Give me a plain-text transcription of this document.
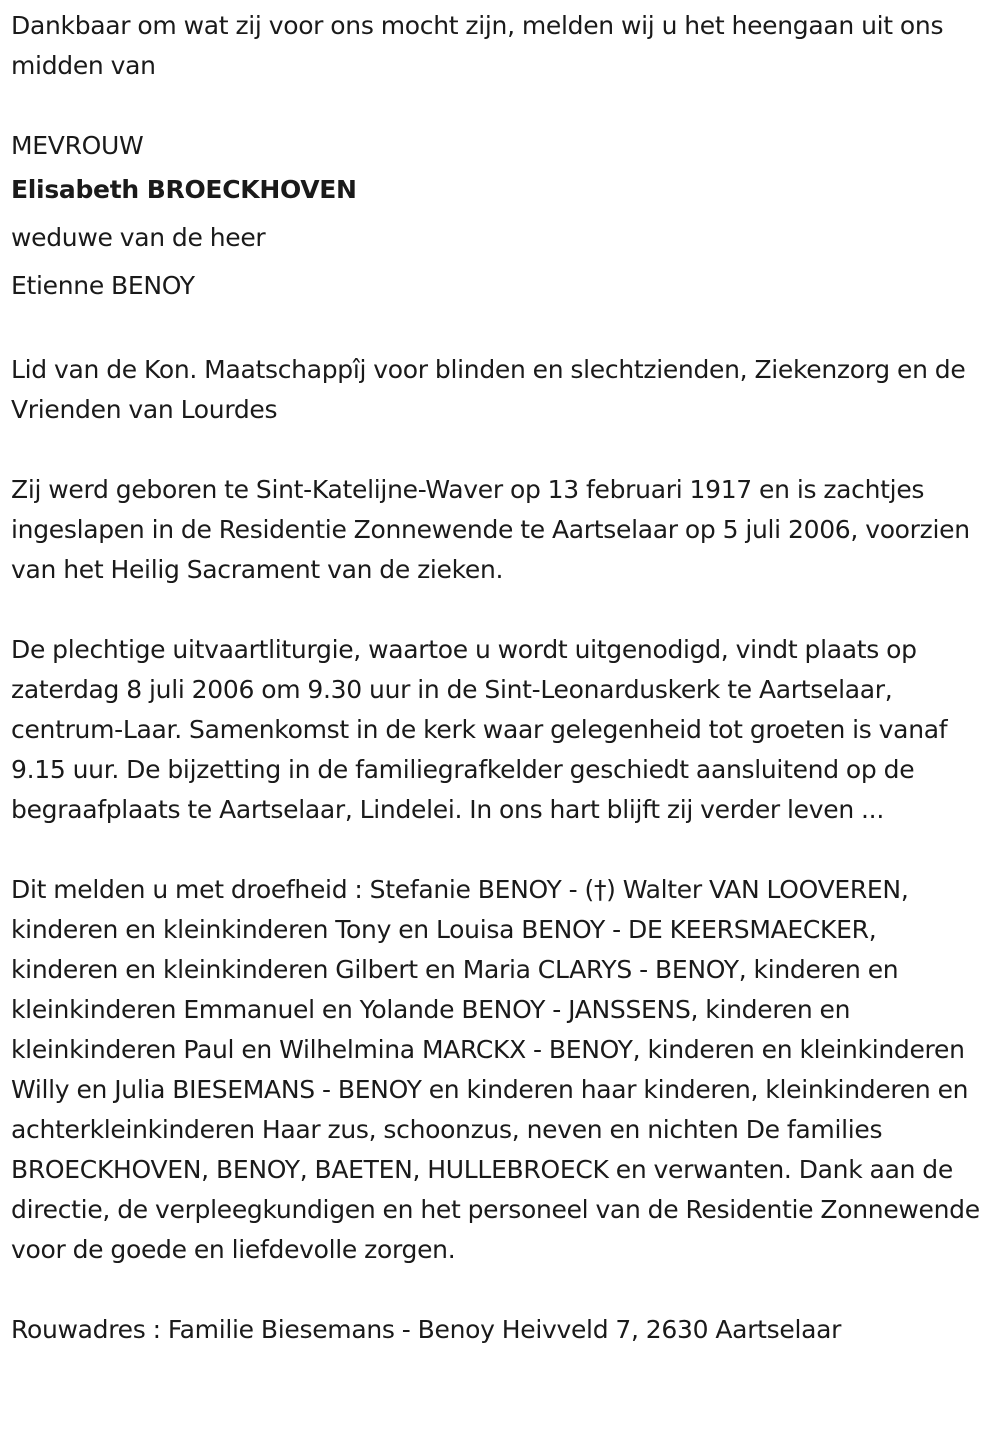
Dankbaar om wat zij voor ons mocht zijn, melden wij u het heengaan uit ons midden van

MEVROUW

Elisabeth BROECKHOVEN

weduwe van de heer

Etienne BENOY

Lid van de Kon. Maatschappîj voor blinden en slechtzienden, Ziekenzorg en de Vrienden van Lourdes

Zij werd geboren te Sint-Katelijne-Waver op 13 februari 1917 en is zachtjes ingeslapen in de Residentie Zonnewende te Aartselaar op 5 juli 2006, voorzien van het Heilig Sacrament van de zieken.

De plechtige uitvaartliturgie, waartoe u wordt uitgenodigd, vindt plaats op zaterdag 8 juli 2006 om 9.30 uur in de Sint-Leonarduskerk te Aartselaar, centrum-Laar. Samenkomst in de kerk waar gelegenheid tot groeten is vanaf 9.15 uur. De bijzetting in de familiegrafkelder geschiedt aansluitend op de begraafplaats te Aartselaar, Lindelei. In ons hart blijft zij verder leven ...

Dit melden u met droefheid : Stefanie BENOY - (†) Walter VAN LOOVEREN, kinderen en kleinkinderen Tony en Louisa BENOY - DE KEERSMAECKER, kinderen en kleinkinderen Gilbert en Maria CLARYS - BENOY, kinderen en kleinkinderen Emmanuel en Yolande BENOY - JANSSENS, kinderen en kleinkinderen Paul en Wilhelmina MARCKX - BENOY, kinderen en kleinkinderen Willy en Julia BIESEMANS - BENOY en kinderen haar kinderen, kleinkinderen en achterkleinkinderen Haar zus, schoonzus, neven en nichten De families BROECKHOVEN, BENOY, BAETEN, HULLEBROECK en verwanten. Dank aan de directie, de verpleegkundigen en het personeel van de Residentie Zonnewende voor de goede en liefdevolle zorgen.

Rouwadres : Familie Biesemans - Benoy Heivveld 7, 2630 Aartselaar
